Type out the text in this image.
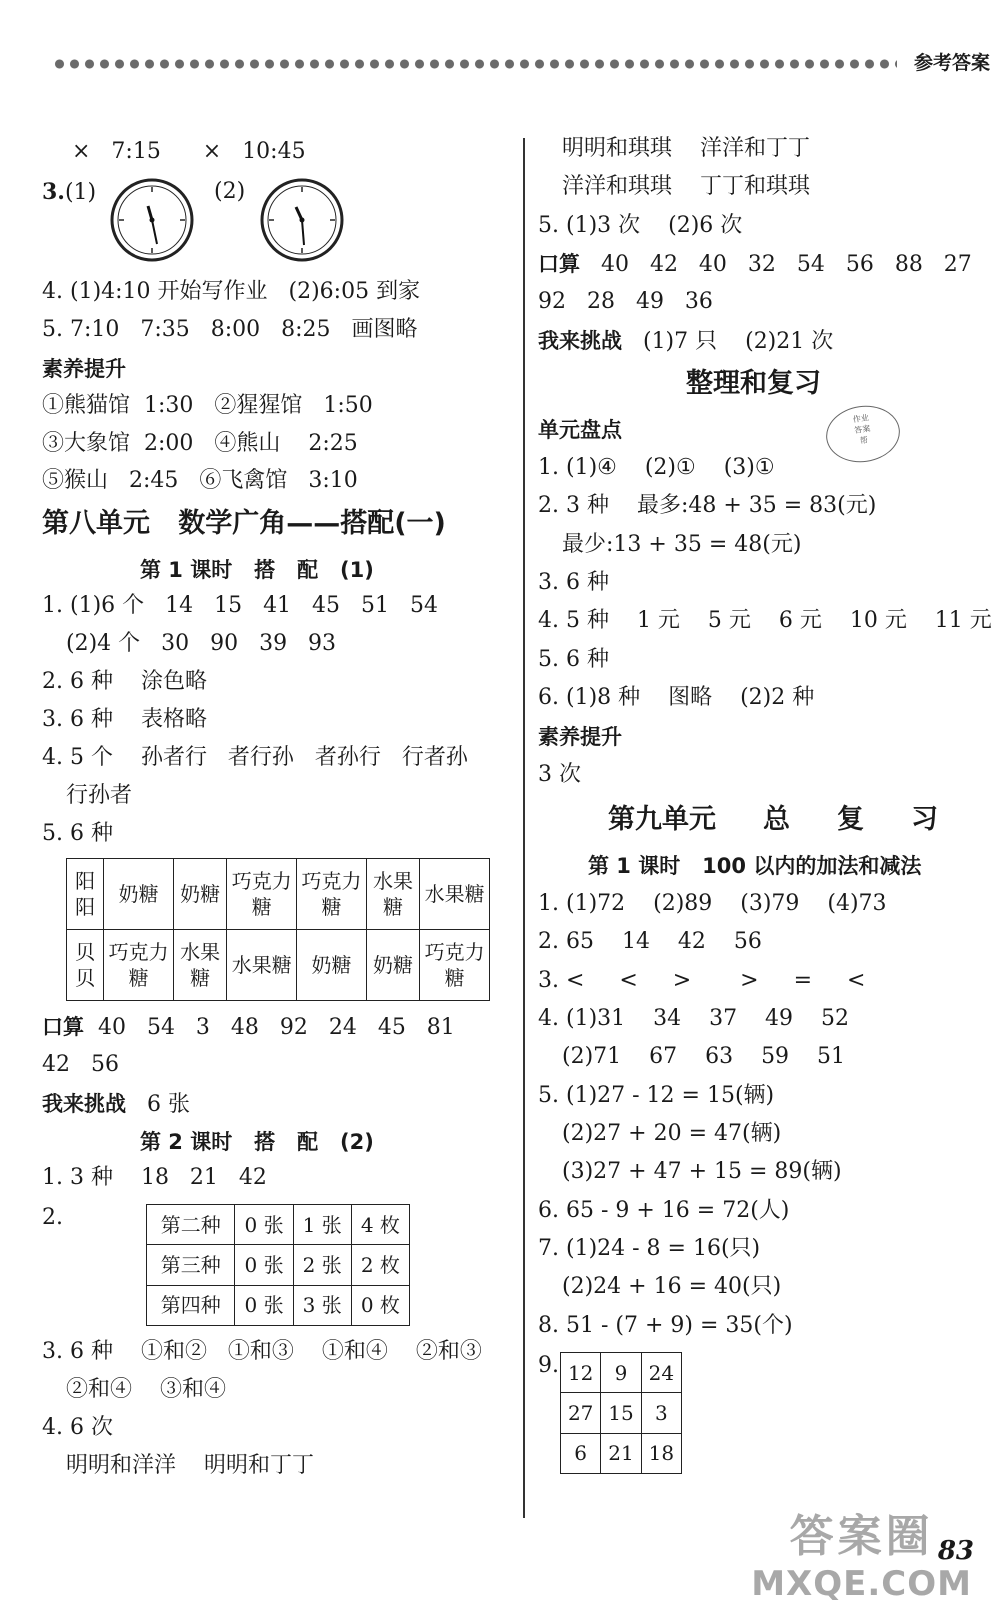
参考答案
×   7:15      ×   10:45
3.(1)	(2)
4. (1)4:10 开始写作业   (2)6:05 到家
5. 7:10   7:35   8:00   8:25   画图略
素养提升
①熊猫馆  1:30   ②猩猩馆   1:50
③大象馆  2:00   ④熊山    2:25
⑤猴山   2:45   ⑥飞禽馆   3:10
第八单元   数学广角——搭配(一)
第 1 课时   搭   配   (1)
1. (1)6 个   14   15   41   45   51   54
(2)4 个   30   90   39   93
2. 6 种    涂色略
3. 6 种    表格略
4. 5 个    孙者行   者行孙   者孙行   行者孙
行孙者
5. 6 种
阳阳	奶糖	奶糖	巧克力糖	巧克力糖	水果糖	水果糖
贝贝	巧克力糖	水果糖	水果糖	奶糖	奶糖	巧克力糖
口算  40   54   3   48   92   24   45   81
42   56
我来挑战   6 张
第 2 课时   搭   配   (2)
1. 3 种    18   21   42
2.	第二种	0 张	1 张	4 枚
第三种	0 张	2 张	2 枚
第四种	0 张	3 张	0 枚
3. 6 种    ①和②   ①和③    ①和④    ②和③
②和④    ③和④
4. 6 次
明明和洋洋    明明和丁丁
明明和琪琪    洋洋和丁丁
洋洋和琪琪    丁丁和琪琪
5. (1)3 次    (2)6 次
口算   40   42   40   32   54   56   88   27
92   28   49   36
我来挑战   (1)7 只    (2)21 次
整理和复习
作业
答案
帮
单元盘点
1. (1)④    (2)①    (3)①
2. 3 种    最多:48 + 35 = 83(元)
最少:13 + 35 = 48(元)
3. 6 种
4. 5 种    1 元    5 元    6 元    10 元    11 元
5. 6 种
6. (1)8 种    图略    (2)2 种
素养提升
3 次
第九单元     总     复     习
第 1 课时   100 以内的加法和减法
1. (1)72    (2)89    (3)79    (4)73
2. 65    14    42    56
3. <     <     >       >     =     <
4. (1)31    34    37    49    52
(2)71    67    63    59    51
5. (1)27 - 12 = 15(辆)
(2)27 + 20 = 47(辆)
(3)27 + 47 + 15 = 89(辆)
6. 65 - 9 + 16 = 72(人)
7. (1)24 - 8 = 16(只)
(2)24 + 16 = 40(只)
8. 51 - (7 + 9) = 35(个)
9. 12	9	24
27	15	3
6	21	18
答案圈
MXQE.COM
83
